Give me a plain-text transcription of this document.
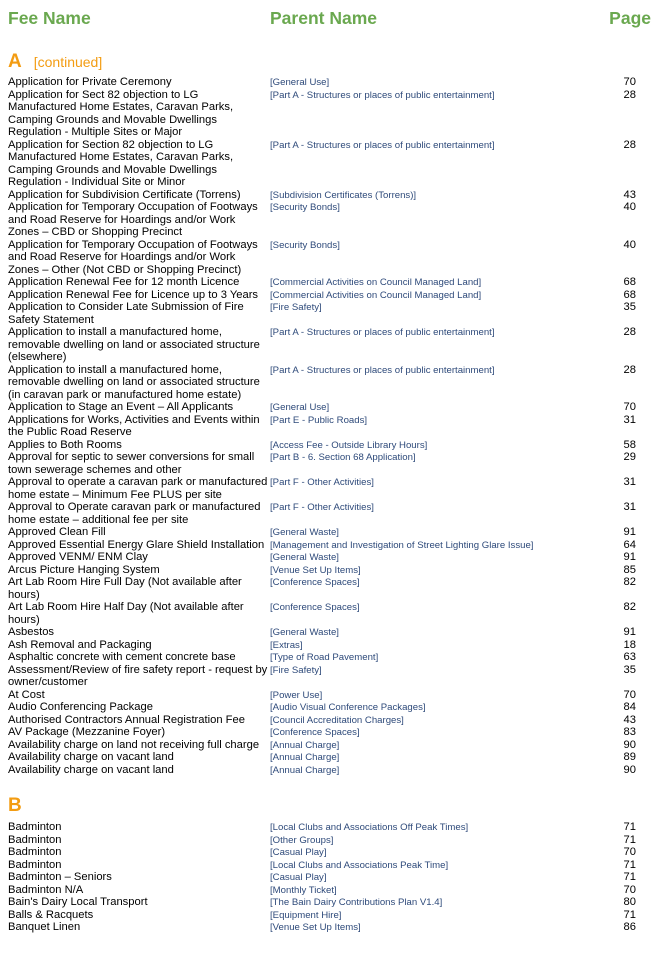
Fee Name	Parent Name	Page
A [continued]
Application for Private Ceremony	[General Use]	70
Application for Sect 82 objection to LG Manufactured Home Estates, Caravan Parks, Camping Grounds and Movable Dwellings Regulation - Multiple Sites or Major
[Part A - Structures or places of public entertainment]	28
Application for Section 82 objection to LG Manufactured Home Estates, Caravan Parks, Camping Grounds and Movable Dwellings Regulation - Individual Site or Minor
[Part A - Structures or places of public entertainment]	28
Application for Subdivision Certificate (Torrens)	[Subdivision Certificates (Torrens)]	43
Application for Temporary Occupation of Footways and Road Reserve for Hoardings and/or Work Zones – CBD or Shopping Precinct
[Security Bonds]	40
Application for Temporary Occupation of Footways and Road Reserve for Hoardings and/or Work Zones – Other (Not CBD or Shopping Precinct)
[Security Bonds]	40
Application Renewal Fee for 12 month Licence	[Commercial Activities on Council Managed Land]	68
Application Renewal Fee for Licence up to 3 Years	[Commercial Activities on Council Managed Land]	68
Application to Consider Late Submission of Fire Safety Statement
[Fire Safety]	35
Application to install a manufactured home, removable dwelling on land or associated structure (elsewhere)
[Part A - Structures or places of public entertainment]	28
Application to install a manufactured home, removable dwelling on land or associated structure (in caravan park or manufactured home estate)
[Part A - Structures or places of public entertainment]	28
Application to Stage an Event – All Applicants	[General Use]	70
Applications for Works, Activities and Events within the Public Road Reserve
[Part E - Public Roads]	31
Applies to Both Rooms	[Access Fee - Outside Library Hours]	58
Approval for septic to sewer conversions for small town sewerage schemes and other
[Part B - 6. Section 68 Application]	29
Approval to operate a caravan park or manufactured home estate – Minimum Fee PLUS per site
[Part F - Other Activities]	31
Approval to Operate caravan park or manufactured home estate – additional fee per site
[Part F - Other Activities]	31
Approved Clean Fill	[General Waste]	91
Approved Essential Energy Glare Shield Installation [Management and Investigation of Street Lighting Glare Issue]	64
Approved VENM/ ENM Clay	[General Waste]	91
Arcus Picture Hanging System	[Venue Set Up Items]	85
Art Lab Room Hire Full Day (Not available after hours)
[Conference Spaces]	82
Art Lab Room Hire Half Day (Not available after hours)
[Conference Spaces]	82
Asbestos	[General Waste]	91
Ash Removal and Packaging	[Extras]	18
Asphaltic concrete with cement concrete base	[Type of Road Pavement]	63
Assessment/Review of fire safety report - request by owner/customer
[Fire Safety]	35
At Cost	[Power Use]	70
Audio Conferencing Package	[Audio Visual Conference Packages]	84
Authorised Contractors Annual Registration Fee	[Council Accreditation Charges]	43
AV Package (Mezzanine Foyer)	[Conference Spaces]	83
Availability charge on land not receiving full charge	[Annual Charge]	90
Availability charge on vacant land	[Annual Charge]	89
Availability charge on vacant land	[Annual Charge]	90
B
Badminton	[Local Clubs and Associations Off Peak Times]	71
Badminton	[Other Groups]	71
Badminton	[Casual Play]	70
Badminton	[Local Clubs and Associations Peak Time]	71
Badminton – Seniors	[Casual Play]	71
Badminton N/A	[Monthly Ticket]	70
Bain's Dairy Local Transport	[The Bain Dairy Contributions Plan V1.4]	80
Balls & Racquets	[Equipment Hire]	71
Banquet Linen	[Venue Set Up Items]	86
